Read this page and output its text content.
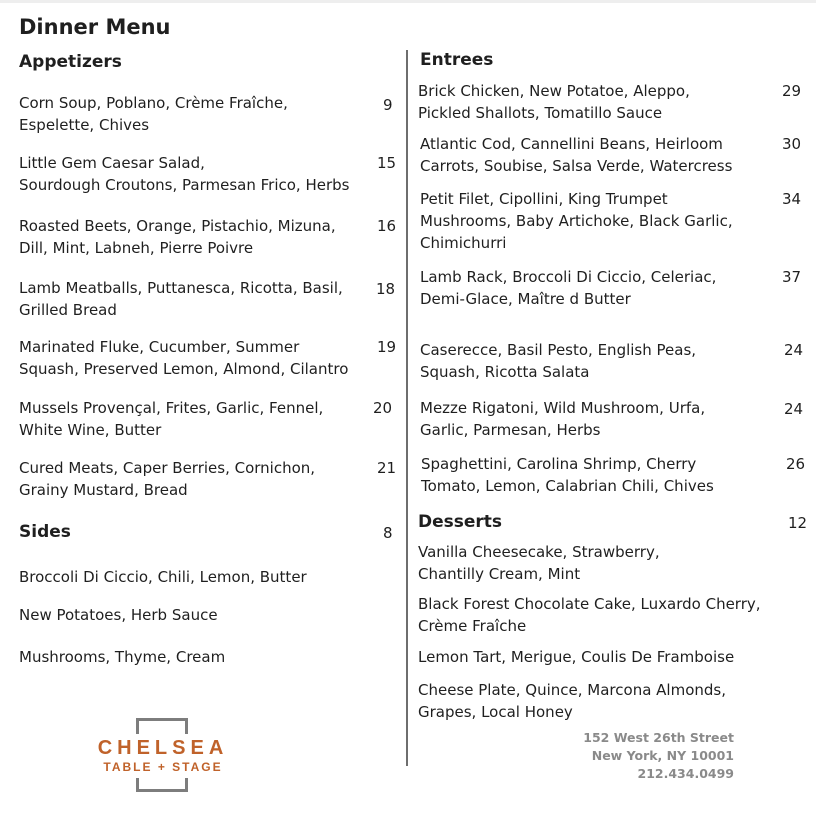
Dinner Menu
Appetizers
Corn Soup, Poblano, Crème Fraîche,
Espelette, Chives
9
Little Gem Caesar Salad,
Sourdough Croutons, Parmesan Frico, Herbs
15
Roasted Beets, Orange, Pistachio, Mizuna,
Dill, Mint, Labneh, Pierre Poivre
16
Lamb Meatballs, Puttanesca, Ricotta, Basil,
Grilled Bread
18
Marinated Fluke, Cucumber, Summer
Squash, Preserved Lemon, Almond, Cilantro
19
Mussels Provençal, Frites, Garlic, Fennel,
White Wine, Butter
20
Cured Meats, Caper Berries, Cornichon,
Grainy Mustard, Bread
21
Sides	8
Broccoli Di Ciccio, Chili, Lemon, Butter
New Potatoes, Herb Sauce
Mushrooms, Thyme, Cream
CHELSEA
TABLE + STAGE
Entrees
Brick Chicken, New Potatoe, Aleppo,
Pickled Shallots, Tomatillo Sauce
29
Atlantic Cod, Cannellini Beans, Heirloom
Carrots, Soubise, Salsa Verde, Watercress
30
Petit Filet, Cipollini, King Trumpet
Mushrooms, Baby Artichoke, Black Garlic,
Chimichurri
34
Lamb Rack, Broccoli Di Ciccio, Celeriac,
Demi-Glace, Maître d Butter
37
Caserecce, Basil Pesto, English Peas,
Squash, Ricotta Salata
24
Mezze Rigatoni, Wild Mushroom, Urfa,
Garlic, Parmesan, Herbs
24
Spaghettini, Carolina Shrimp, Cherry
Tomato, Lemon, Calabrian Chili, Chives
26
Desserts	12
Vanilla Cheesecake, Strawberry,
Chantilly Cream, Mint
Black Forest Chocolate Cake, Luxardo Cherry,
Crème Fraîche
Lemon Tart, Merigue, Coulis De Framboise
Cheese Plate, Quince, Marcona Almonds,
Grapes, Local Honey
152 West 26th Street
New York, NY 10001
212.434.0499
